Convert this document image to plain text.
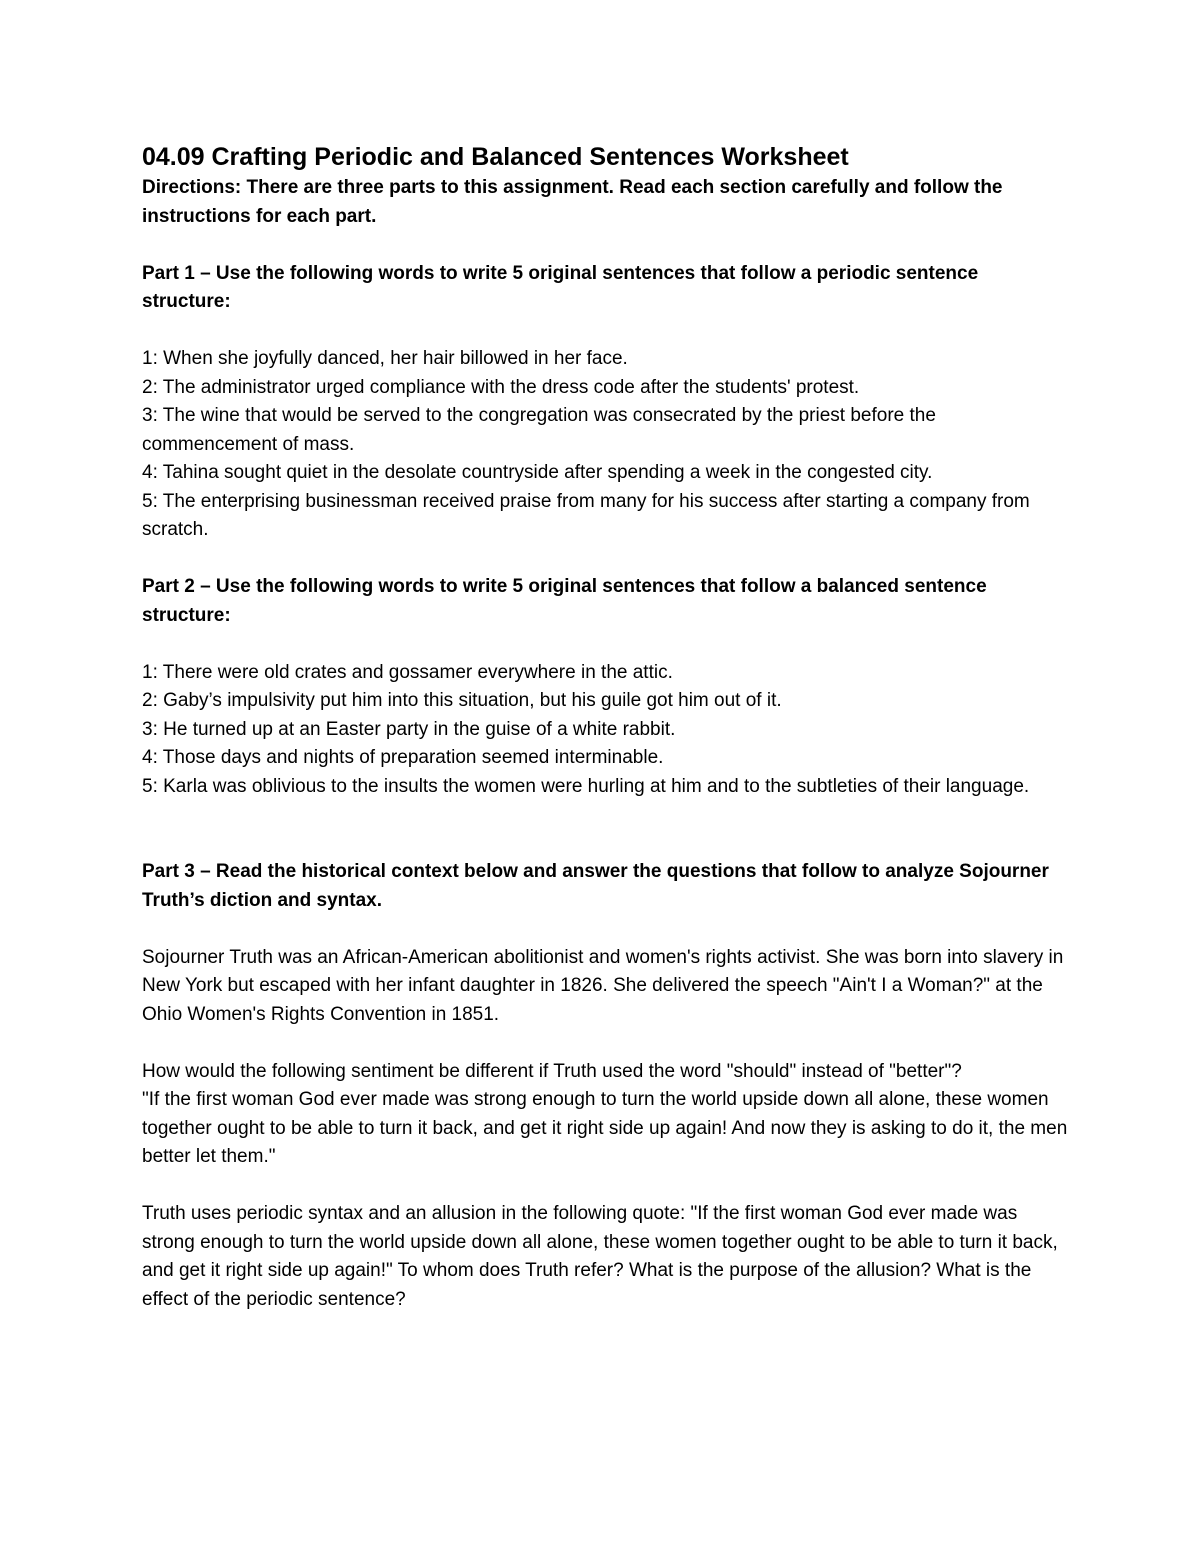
04.09 Crafting Periodic and Balanced Sentences Worksheet

Directions: There are three parts to this assignment. Read each section carefully and follow the instructions for each part.

Part 1 – Use the following words to write 5 original sentences that follow a periodic sentence structure:

1: When she joyfully danced, her hair billowed in her face.
2: The administrator urged compliance with the dress code after the students' protest.
3: The wine that would be served to the congregation was consecrated by the priest before the commencement of mass.
4: Tahina sought quiet in the desolate countryside after spending a week in the congested city.
5: The enterprising businessman received praise from many for his success after starting a company from scratch.

Part 2 – Use the following words to write 5 original sentences that follow a balanced sentence structure:

1: There were old crates and gossamer everywhere in the attic.
2: Gaby’s impulsivity put him into this situation, but his guile got him out of it.
3: He turned up at an Easter party in the guise of a white rabbit.
4: Those days and nights of preparation seemed interminable.
5: Karla was oblivious to the insults the women were hurling at him and to the subtleties of their language.

Part 3 – Read the historical context below and answer the questions that follow to analyze Sojourner Truth’s diction and syntax.

Sojourner Truth was an African-American abolitionist and women's rights activist. She was born into slavery in New York but escaped with her infant daughter in 1826. She delivered the speech "Ain't I a Woman?" at the Ohio Women's Rights Convention in 1851.

How would the following sentiment be different if Truth used the word "should" instead of "better"?

"If the first woman God ever made was strong enough to turn the world upside down all alone, these women together ought to be able to turn it back, and get it right side up again! And now they is asking to do it, the men better let them."

Truth uses periodic syntax and an allusion in the following quote: "If the first woman God ever made was strong enough to turn the world upside down all alone, these women together ought to be able to turn it back, and get it right side up again!" To whom does Truth refer? What is the purpose of the allusion? What is the effect of the periodic sentence?
